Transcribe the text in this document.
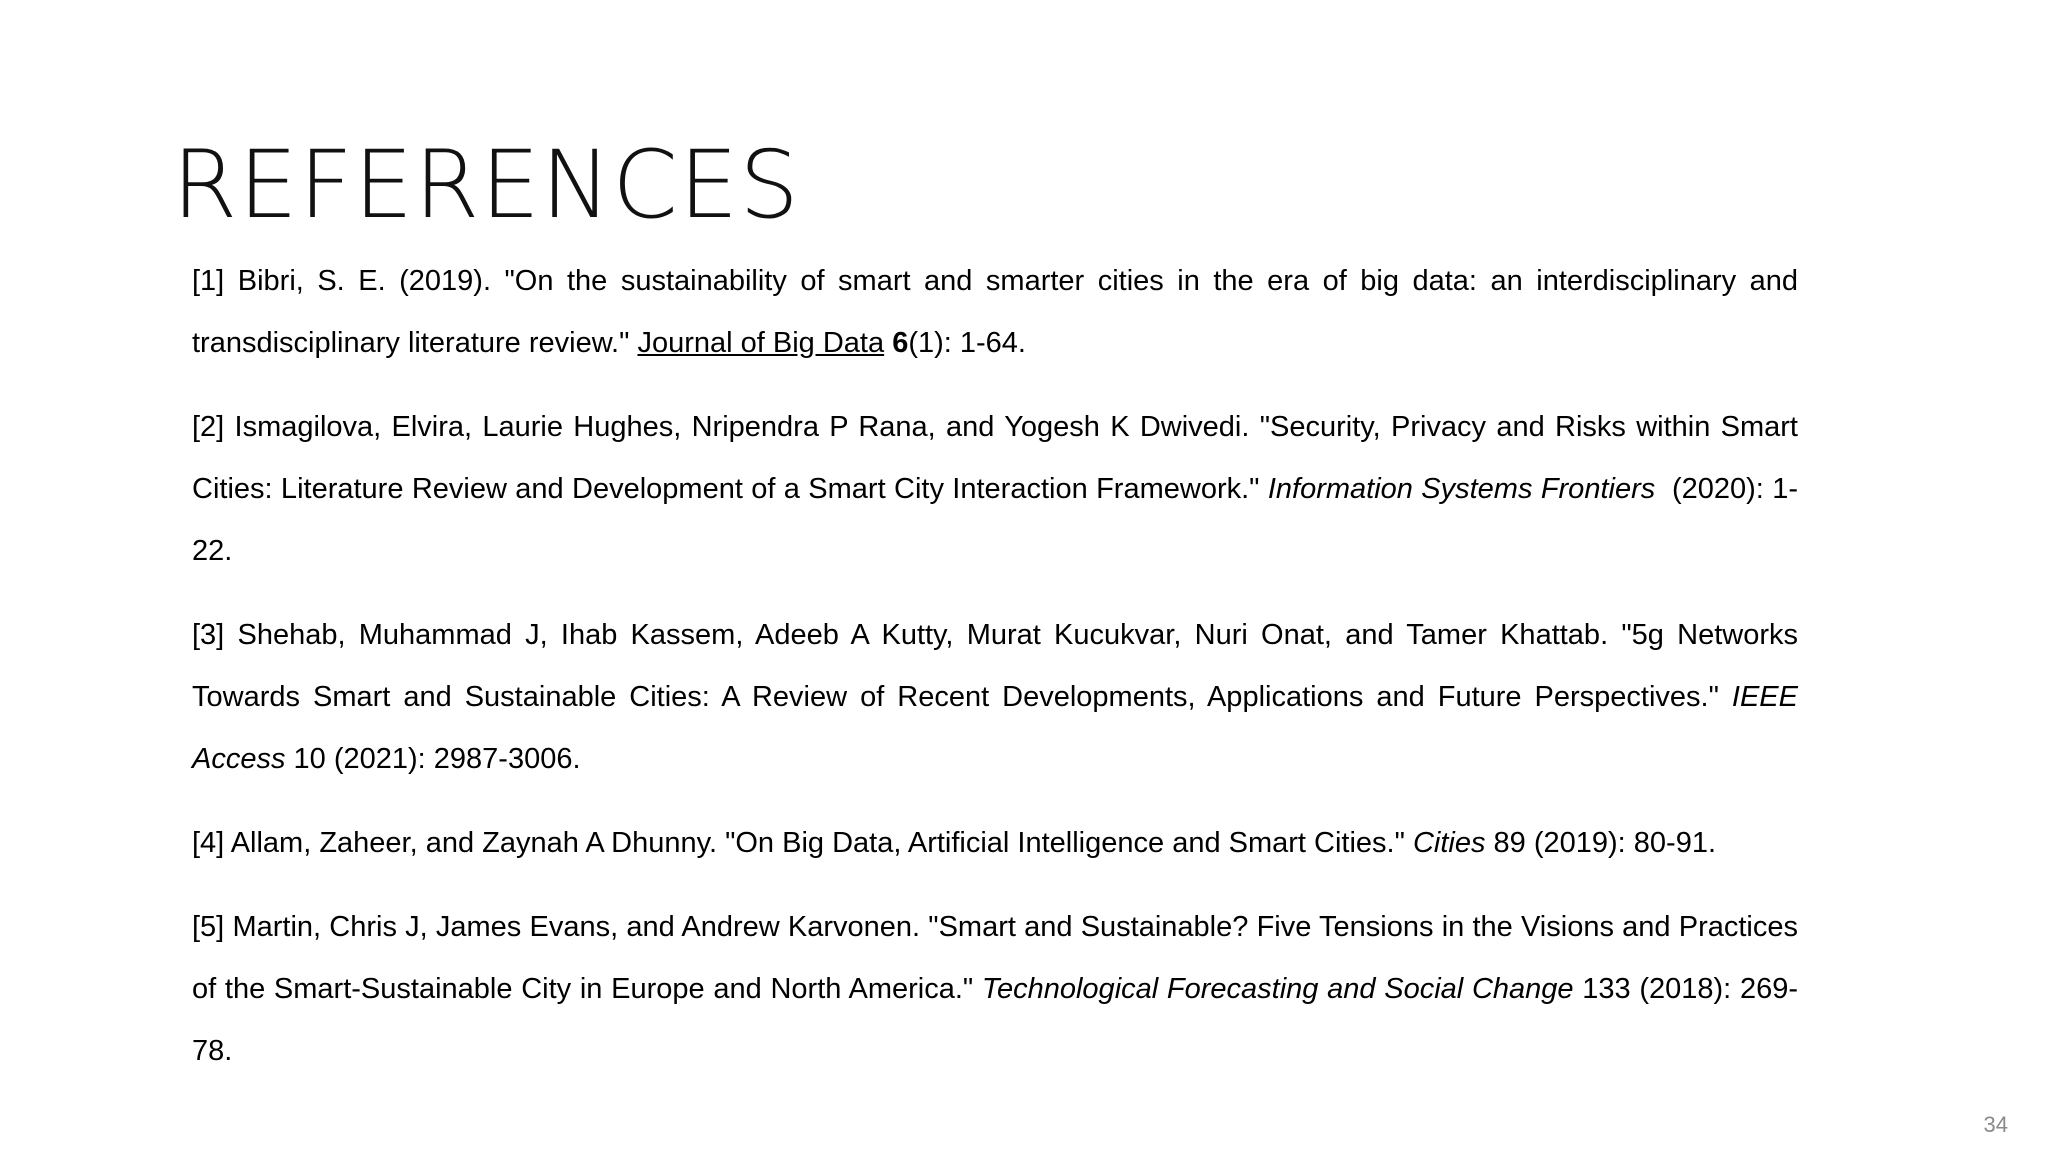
REFERENCES
[1] Bibri, S. E. (2019). "On the sustainability of smart and smarter cities in the era of big data: an interdisciplinary and transdisciplinary literature review." Journal of Big Data 6(1): 1-64.
[2] Ismagilova, Elvira, Laurie Hughes, Nripendra P Rana, and Yogesh K Dwivedi. "Security, Privacy and Risks within Smart Cities: Literature Review and Development of a Smart City Interaction Framework." Information Systems Frontiers  (2020): 1-22.
[3] Shehab, Muhammad J, Ihab Kassem, Adeeb A Kutty, Murat Kucukvar, Nuri Onat, and Tamer Khattab. "5g Networks Towards Smart and Sustainable Cities: A Review of Recent Developments, Applications and Future Perspectives." IEEE Access 10 (2021): 2987-3006.
[4] Allam, Zaheer, and Zaynah A Dhunny. "On Big Data, Artificial Intelligence and Smart Cities." Cities 89 (2019): 80-91.
[5] Martin, Chris J, James Evans, and Andrew Karvonen. "Smart and Sustainable? Five Tensions in the Visions and Practices of the Smart-Sustainable City in Europe and North America." Technological Forecasting and Social Change 133 (2018): 269-78.
34
